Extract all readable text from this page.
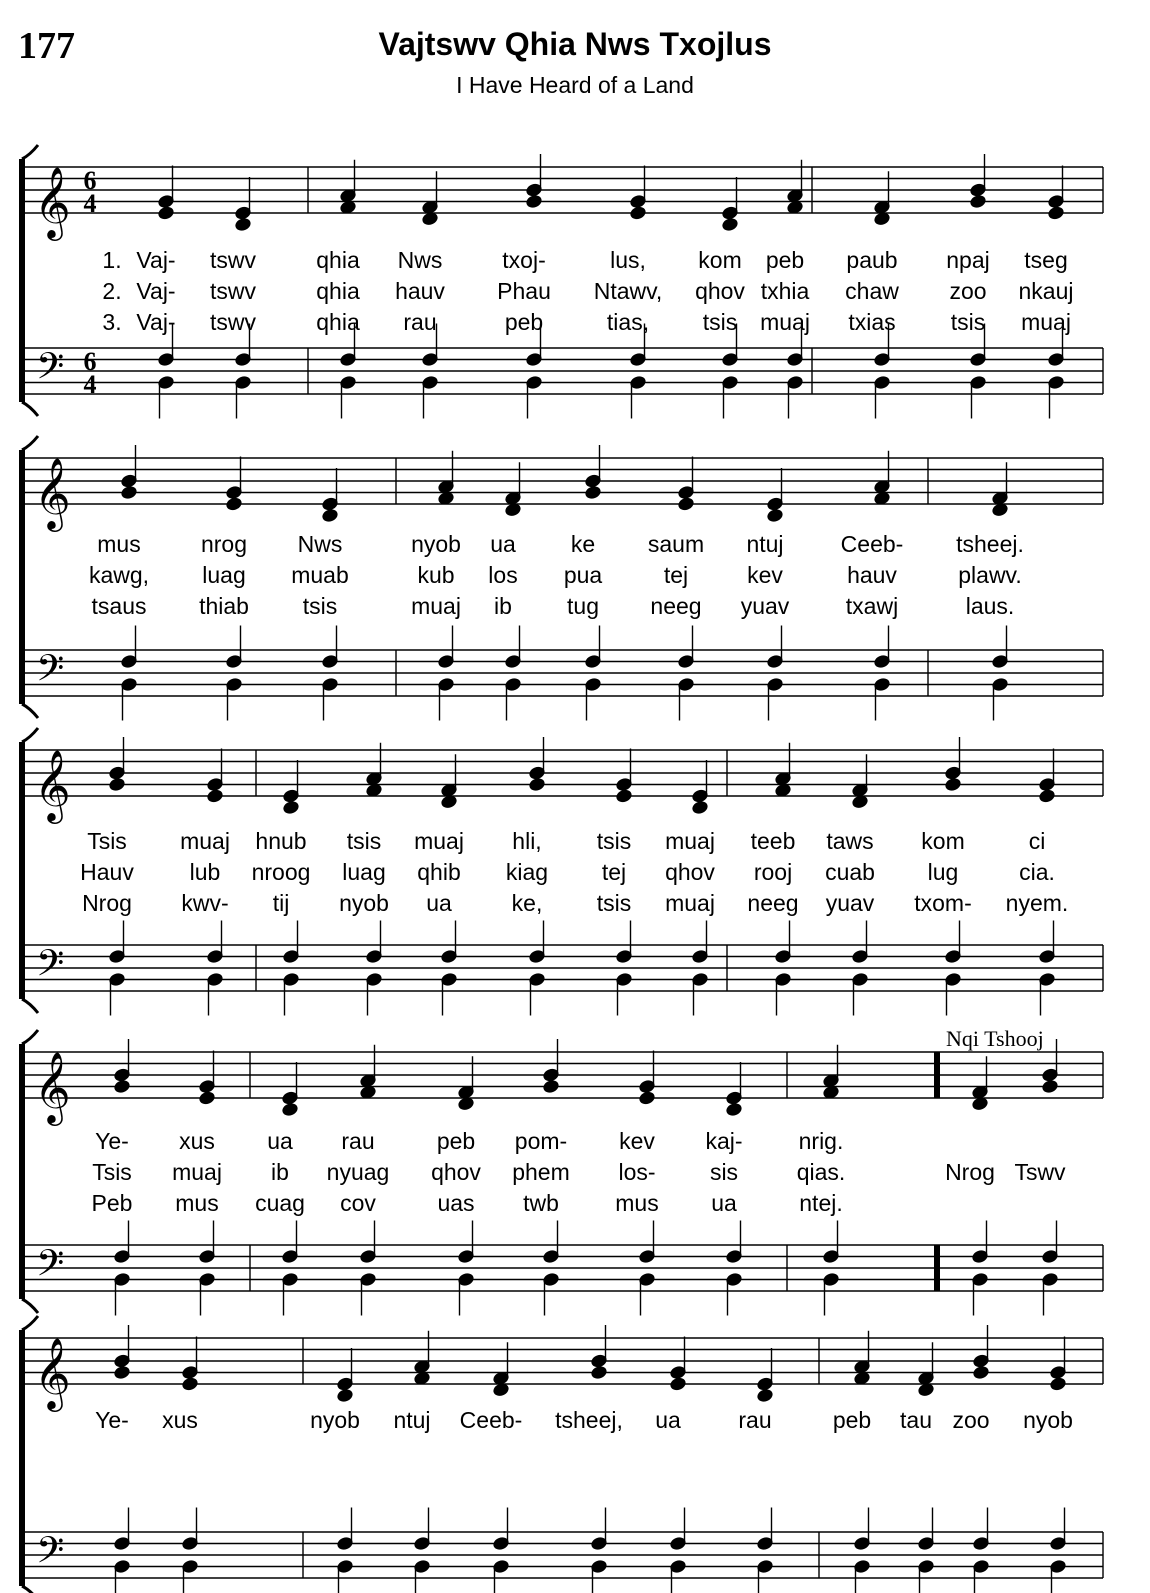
177	Vajtswv Qhia Nws Txojlus
I Have Heard of a Land
𝄞
𝄢
6
4
6
4
𝄞
𝄢
𝄞
𝄢
𝄞
𝄢
𝄞
𝄢
Nqi Tshooj
1. Vaj- tswv	qhia Nws	txoj-	lus, kom peb paub npaj tseg
2. Vaj- tswv	qhia hauv Phau Ntawv, qhov txhia chaw zoo nkauj
3. Vaj- tswv	qhia rau	peb	tias, tsis muaj txias tsis muaj
mus	nrog Nws	nyob ua ke saum ntuj Ceeb- tsheej.
kawg, luag muab	kub los pua	tej	kev	hauv	plawv.
tsaus thiab tsis	muaj ib tug neeg yuav txawj	laus.
Tsis muaj hnub tsis muaj hli, tsis muaj teeb taws kom	ci
Hauv lub nroog luag qhib kiag tej qhov rooj cuab lug	cia.
Nrog kwv- tij nyob ua	ke, tsis muaj neeg yuav txom- nyem.
Ye- xus ua rau	peb pom- kev kaj- nrig.
Tsis muaj ib nyuag qhov phem los- sis	qias.	Nrog Tswv
Peb mus cuag cov	uas twb mus ua	ntej.
Ye- xus	nyob ntuj Ceeb- tsheej, ua	rau	peb tau zoo nyob
